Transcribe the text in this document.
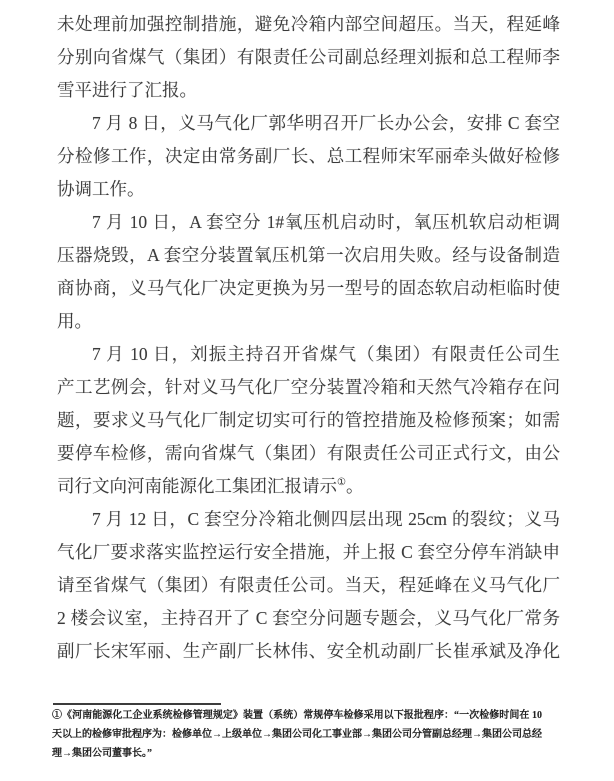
未处理前加强控制措施，避免冷箱内部空间超压。当天，程延峰
分别向省煤气（集团）有限责任公司副总经理刘振和总工程师李
雪平进行了汇报。
7 月 8 日，义马气化厂郭华明召开厂长办公会，安排 C 套空
分检修工作，决定由常务副厂长、总工程师宋军丽牵头做好检修
协调工作。
7 月 10 日，A 套空分 1#氧压机启动时，氧压机软启动柜调
压器烧毁，A 套空分装置氧压机第一次启用失败。经与设备制造
商协商，义马气化厂决定更换为另一型号的固态软启动柜临时使
用。
7 月 10 日，刘振主持召开省煤气（集团）有限责任公司生
产工艺例会，针对义马气化厂空分装置冷箱和天然气冷箱存在问
题，要求义马气化厂制定切实可行的管控措施及检修预案；如需
要停车检修，需向省煤气（集团）有限责任公司正式行文，由公
司行文向河南能源化工集团汇报请示①。
7 月 12 日，C 套空分冷箱北侧四层出现 25cm 的裂纹；义马
气化厂要求落实监控运行安全措施，并上报 C 套空分停车消缺申
请至省煤气（集团）有限责任公司。当天，程延峰在义马气化厂
2 楼会议室，主持召开了 C 套空分问题专题会，义马气化厂常务
副厂长宋军丽、生产副厂长林伟、安全机动副厂长崔承斌及净化
①《河南能源化工企业系统检修管理规定》装置（系统）常规停车检修采用以下报批程序：“一次检修时间在 10
天以上的检修审批程序为：检修单位→上级单位→集团公司化工事业部→集团公司分管副总经理→集团公司总经
理→集团公司董事长。”
